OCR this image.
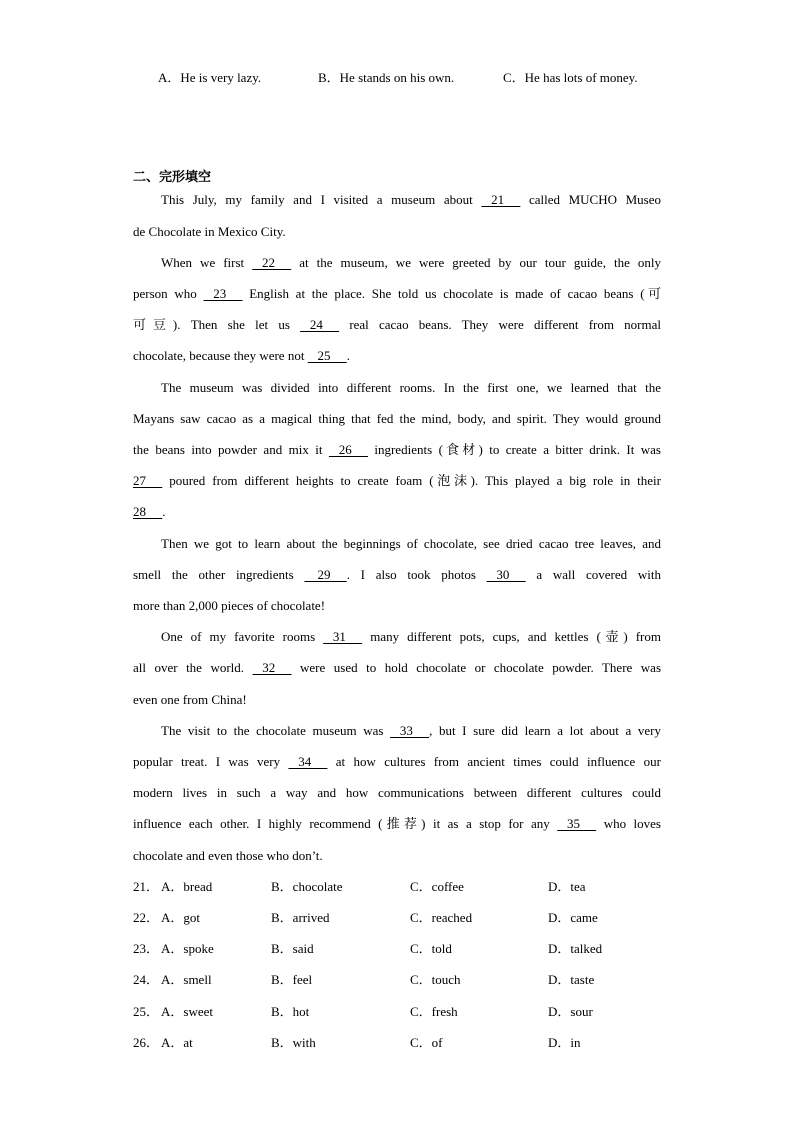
A．He is very lazy.	B．He stands on his own.	C．He has lots of money.
二、完形填空
This July, my family and I visited a museum about    21      called MUCHO Museo
de Chocolate in Mexico City.
When we first    22      at the museum, we were greeted by our tour guide, the only
person who    23      English at the place. She told us chocolate is made of cacao beans (可
可豆). Then she let us    24      real cacao beans. They were different from normal
chocolate, because they were not    25     .
The museum was divided into different rooms. In the first one, we learned that the
Mayans saw cacao as a magical thing that fed the mind, body, and spirit. They would ground
the beans into powder and mix it    26      ingredients (食材) to create a bitter drink. It was
27      poured from different heights to create foam (泡沫). This played a big role in their
28     .
Then we got to learn about the beginnings of chocolate, see dried cacao tree leaves, and
smell the other ingredients     29     . I also took photos    30      a wall covered with
more than 2,000 pieces of chocolate!
One of my favorite rooms    31      many different pots, cups, and kettles (壶) from
all over the world.    32      were used to hold chocolate or chocolate powder. There was
even one from China!
The visit to the chocolate museum was    33     , but I sure did learn a lot about a very
popular treat. I was very    34      at how cultures from ancient times could influence our
modern lives in such a way and how communications between different cultures could
influence each other. I highly recommend (推荐) it as a stop for any    35      who loves
chocolate and even those who don’t.
21． A．bread	B．chocolate	C．coffee	D．tea
22． A．got	B．arrived	C．reached	D．came
23． A．spoke	B．said	C．told	D．talked
24． A．smell	B．feel	C．touch	D．taste
25． A．sweet	B．hot	C．fresh	D．sour
26． A．at	B．with	C．of	D．in
